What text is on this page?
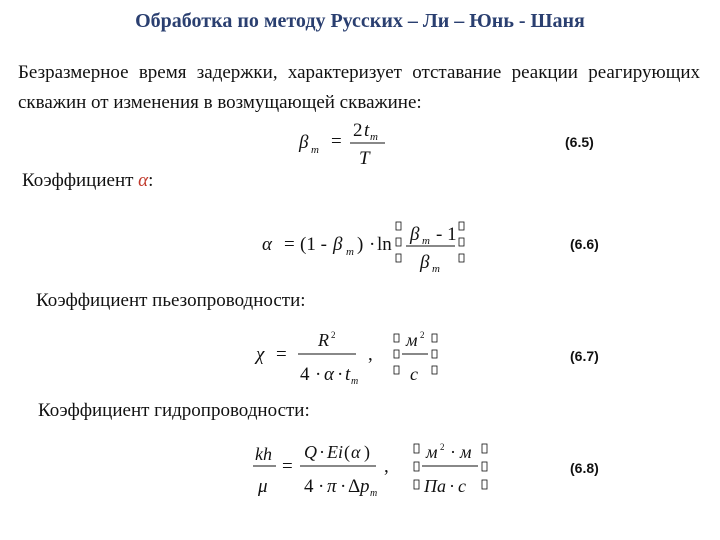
Обработка по методу Русских – Ли – Юнь - Шаня
Безразмерное время задержки, характеризует отставание реакции реагирующих скважин от изменения в возмущающей скважине:
β m =
2 t m
T
(6.5)
Коэффициент α:
α = (1 - β m ) · ln β m - 1
β m
(6.6)
Коэффициент пьезопроводности:
χ =
R 2
4 · α · t m
,
м 2
с
(6.7)
Коэффициент гидропроводности:
kh
μ
=
Q · Ei ( α )
4 · π · Δ p m
,
м 2 · м
Па · с
(6.8)
